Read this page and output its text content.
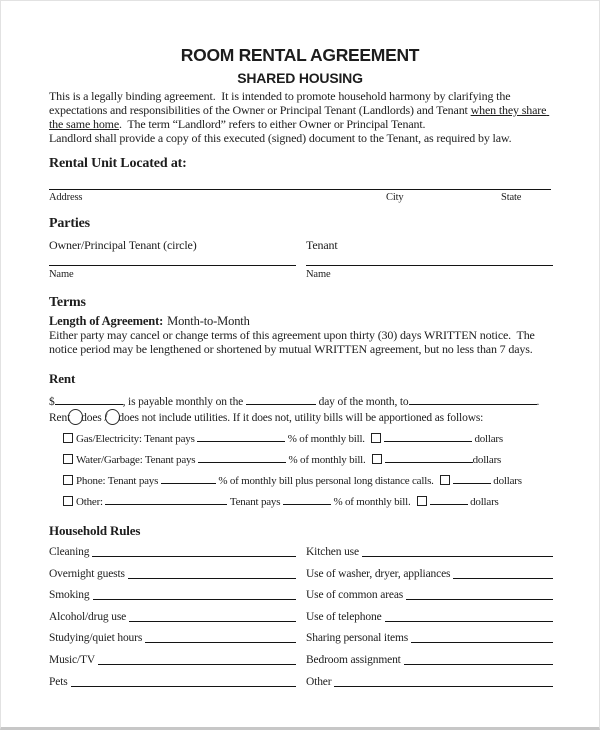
ROOM RENTAL AGREEMENT
SHARED HOUSING

This is a legally binding agreement.  It is intended to promote household harmony by clarifying the expectations and responsibilities of the Owner or Principal Tenant (Landlords) and Tenant when they share the same home.  The term “Landlord” refers to either Owner or Principal Tenant.

Landlord shall provide a copy of this executed (signed) document to the Tenant, as required by law.

Rental Unit Located at:
Address	City	State
Parties
Owner/Principal Tenant (circle)
Name
Tenant
Name
Terms
Length of Agreement: Month-to-Month

Either party may cancel or change terms of this agreement upon thirty (30) days WRITTEN notice.  The notice period may be lengthened or shortened by mutual WRITTEN agreement, but no less than 7 days.

Rent
$	, is payable monthly on the	day of the month, to	.
Rent does / does not include utilities. If it does not, utility bills will be apportioned as follows:
Gas/Electricity: Tenant pays	% of monthly bill.	dollars
Water/Garbage: Tenant pays	% of monthly bill.	dollars
Phone: Tenant pays	% of monthly bill plus personal long distance calls.	dollars
Other:	Tenant pays	% of monthly bill.	dollars
Household Rules
Cleaning	Kitchen use
Overnight guests	Use of washer, dryer, appliances
Smoking	Use of common areas
Alcohol/drug use	Use of telephone
Studying/quiet hours	Sharing personal items
Music/TV	Bedroom assignment
Pets	Other
